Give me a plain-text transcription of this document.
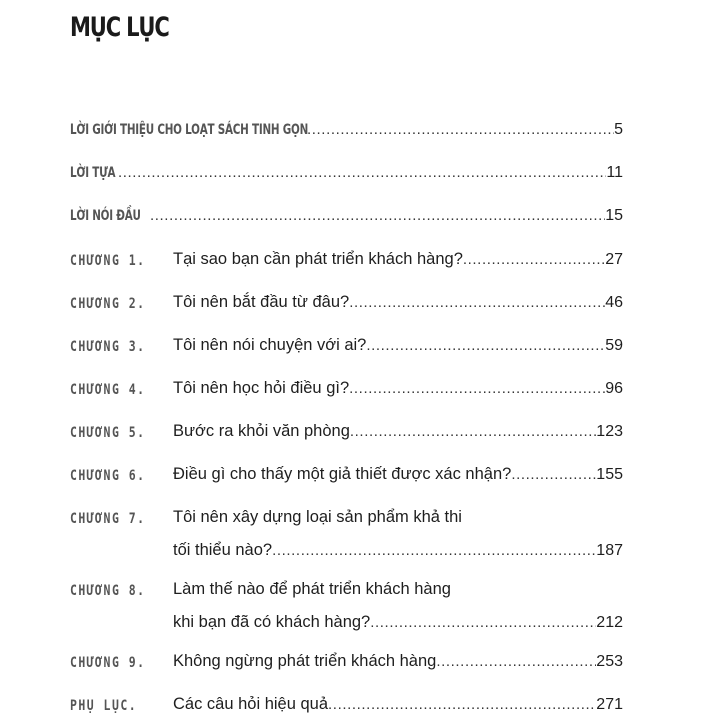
MỤC LỤC
LỜI GIỚI THIỆU CHO LOẠT SÁCH TINH GỌN .....	5
LỜI TỰA .....	11
LỜI NÓI ĐẦU .....	15
CHƯƠNG 1. Tại sao bạn cần phát triển khách hàng? .....	27
CHƯƠNG 2. Tôi nên bắt đầu từ đâu? .....	46
CHƯƠNG 3. Tôi nên nói chuyện với ai? .....	59
CHƯƠNG 4. Tôi nên học hỏi điều gì? .....	96
CHƯƠNG 5. Bước ra khỏi văn phòng .....	123
CHƯƠNG 6. Điều gì cho thấy một giả thiết được xác nhận? .....	155
CHƯƠNG 7. Tôi nên xây dựng loại sản phẩm khả thi
tối thiểu nào? .....	187
CHƯƠNG 8. Làm thế nào để phát triển khách hàng
khi bạn đã có khách hàng? .....	212
CHƯƠNG 9. Không ngừng phát triển khách hàng .....	253
PHỤ LỤC. Các câu hỏi hiệu quả .....	271
